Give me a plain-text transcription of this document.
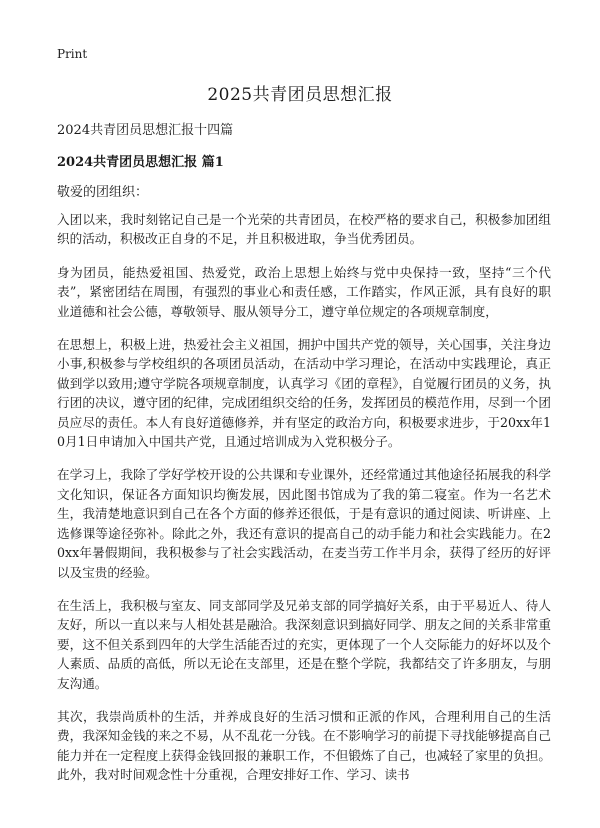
Print
2025共青团员思想汇报

2024共青团员思想汇报十四篇

2024共青团员思想汇报 篇1

敬爱的团组织：

入团以来，我时刻铭记自己是一个光荣的共青团员，在校严格的要求自己，积极参加团组织的活动，积极改正自身的不足，并且积极进取，争当优秀团员。

身为团员，能热爱祖国、热爱党，政治上思想上始终与党中央保持一致，坚持“三个代表”，紧密团结在周围，有强烈的事业心和责任感，工作踏实，作风正派，具有良好的职业道德和社会公德，尊敬领导、服从领导分工，遵守单位规定的各项规章制度，

在思想上，积极上进，热爱社会主义祖国，拥护中国共产党的领导，关心国事，关注身边小事,积极参与学校组织的各项团员活动，在活动中学习理论，在活动中实践理论，真正做到学以致用;遵守学院各项规章制度，认真学习《团的章程》，自觉履行团员的义务，执行团的决议，遵守团的纪律，完成团组织交给的任务，发挥团员的模范作用，尽到一个团员应尽的责任。本人有良好道德修养，并有坚定的政治方向，积极要求进步，于20xx年10月1日申请加入中国共产党，且通过培训成为入党积极分子。

在学习上，我除了学好学校开设的公共课和专业课外，还经常通过其他途径拓展我的科学文化知识，保证各方面知识均衡发展，因此图书馆成为了我的第二寝室。作为一名艺术生，我清楚地意识到自己在各个方面的修养还很低，于是有意识的通过阅读、听讲座、上选修课等途径弥补。除此之外，我还有意识的提高自己的动手能力和社会实践能力。在20xx年暑假期间，我积极参与了社会实践活动，在麦当劳工作半月余，获得了经历的好评以及宝贵的经验。

在生活上，我积极与室友、同支部同学及兄弟支部的同学搞好关系，由于平易近人、待人友好，所以一直以来与人相处甚是融洽。我深刻意识到搞好同学、朋友之间的关系非常重要，这不但关系到四年的大学生活能否过的充实，更体现了一个人交际能力的好坏以及个人素质、品质的高低，所以无论在支部里，还是在整个学院，我都结交了许多朋友，与朋友沟通。

其次，我崇尚质朴的生活，并养成良好的生活习惯和正派的作风，合理利用自己的生活费，我深知金钱的来之不易，从不乱花一分钱。在不影响学习的前提下寻找能够提高自己能力并在一定程度上获得金钱回报的兼职工作，不但锻炼了自己，也减轻了家里的负担。此外，我对时间观念性十分重视，合理安排好工作、学习、读书
